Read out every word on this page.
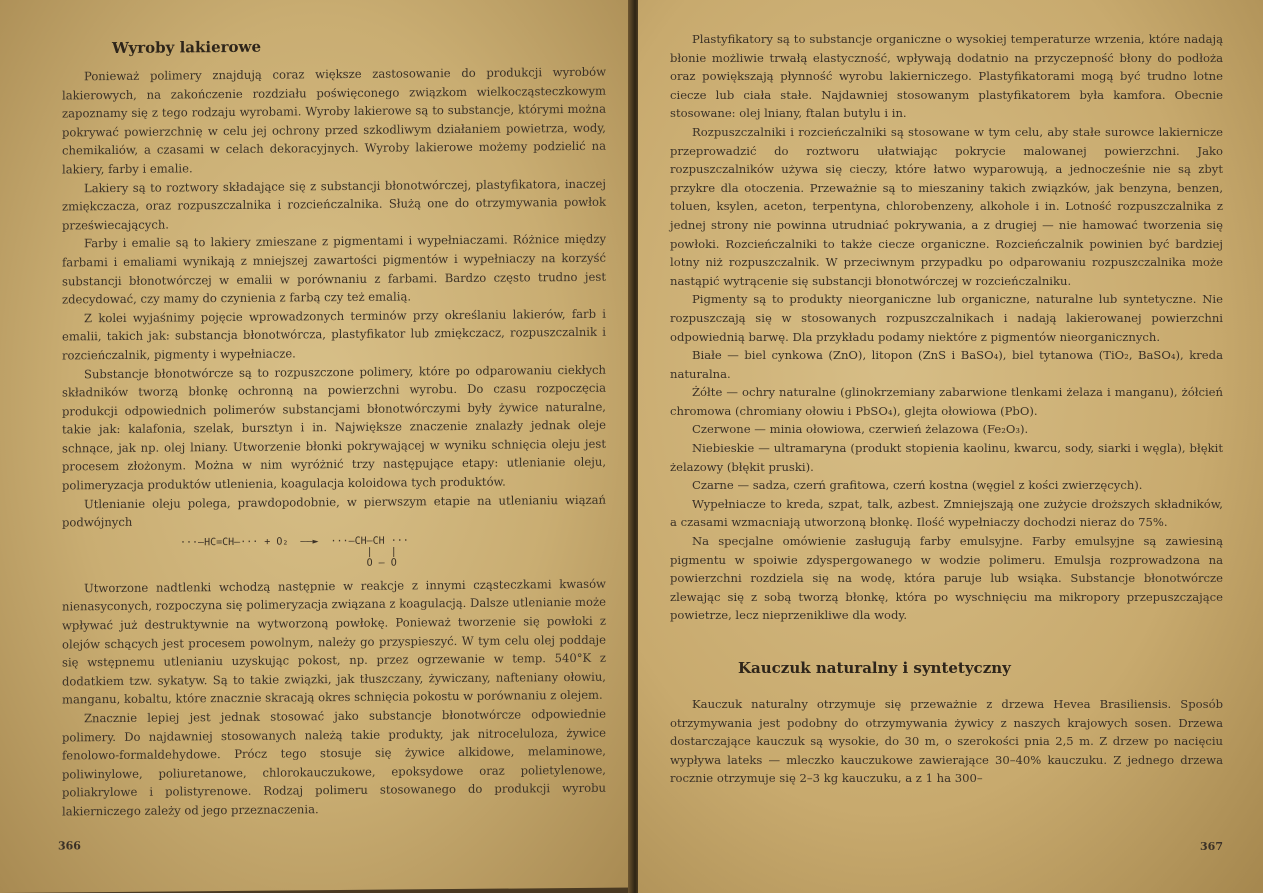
Wyroby lakierowe

Ponieważ polimery znajdują coraz większe zastosowanie do produkcji wyrobów lakierowych, na zakończenie rozdziału poświęconego związkom wielkocząsteczkowym zapoznamy się z tego rodzaju wyrobami. Wyroby lakierowe są to substancje, którymi można pokrywać powierzchnię w celu jej ochrony przed szkodliwym działaniem powietrza, wody, chemikaliów, a czasami w celach dekoracyjnych. Wyroby lakierowe możemy podzielić na lakiery, farby i emalie.

Lakiery są to roztwory składające się z substancji błonotwórczej, plastyfikatora, inaczej zmiękczacza, oraz rozpuszczalnika i rozcieńczalnika. Służą one do otrzymywania powłok przeświecających.

Farby i emalie są to lakiery zmieszane z pigmentami i wypełniaczami. Różnice między farbami i emaliami wynikają z mniejszej zawartości pigmentów i wypełniaczy na korzyść substancji błonotwórczej w emalii w porównaniu z farbami. Bardzo często trudno jest zdecydować, czy mamy do czynienia z farbą czy też emalią.

Z kolei wyjaśnimy pojęcie wprowadzonych terminów przy określaniu lakierów, farb i emalii, takich jak: substancja błonotwórcza, plastyfikator lub zmiękczacz, rozpuszczalnik i rozcieńczalnik, pigmenty i wypełniacze.

Substancje błonotwórcze są to rozpuszczone polimery, które po odparowaniu ciekłych składników tworzą błonkę ochronną na powierzchni wyrobu. Do czasu rozpoczęcia produkcji odpowiednich polimerów substancjami błonotwórczymi były żywice naturalne, takie jak: kalafonia, szelak, bursztyn i in. Największe znaczenie znalazły jednak oleje schnące, jak np. olej lniany. Utworzenie błonki pokrywającej w wyniku schnięcia oleju jest procesem złożonym. Można w nim wyróżnić trzy następujące etapy: utlenianie oleju, polimeryzacja produktów utlenienia, koagulacja koloidowa tych produktów.

Utlenianie oleju polega, prawdopodobnie, w pierwszym etapie na utlenianiu wiązań podwójnych

···—HC=CH—··· + O₂  ——►  ···—CH—CH ···
|   |
O — O

Utworzone nadtlenki wchodzą następnie w reakcje z innymi cząsteczkami kwasów nienasyconych, rozpoczyna się polimeryzacja związana z koagulacją. Dalsze utlenianie może wpływać już destruktywnie na wytworzoną powłokę. Ponieważ tworzenie się powłoki z olejów schących jest procesem powolnym, należy go przyspieszyć. W tym celu olej poddaje się wstępnemu utlenianiu uzyskując pokost, np. przez ogrzewanie w temp. 540°K z dodatkiem tzw. sykatyw. Są to takie związki, jak tłuszczany, żywiczany, nafteniany ołowiu, manganu, kobaltu, które znacznie skracają okres schnięcia pokostu w porównaniu z olejem.

Znacznie lepiej jest jednak stosować jako substancje błonotwórcze odpowiednie polimery. Do najdawniej stosowanych należą takie produkty, jak nitroceluloza, żywice fenolowo-formaldehydowe. Prócz tego stosuje się żywice alkidowe, melaminowe, poliwinylowe, poliuretanowe, chlorokauczukowe, epoksydowe oraz polietylenowe, poliakrylowe i polistyrenowe. Rodzaj polimeru stosowanego do produkcji wyrobu lakierniczego zależy od jego przeznaczenia.

366

Plastyfikatory są to substancje organiczne o wysokiej temperaturze wrzenia, które nadają błonie możliwie trwałą elastyczność, wpływają dodatnio na przyczepność błony do podłoża oraz powiększają płynność wyrobu lakierniczego. Plastyfikatorami mogą być trudno lotne ciecze lub ciała stałe. Najdawniej stosowanym plastyfikatorem była kamfora. Obecnie stosowane: olej lniany, ftalan butylu i in.

Rozpuszczalniki i rozcieńczalniki są stosowane w tym celu, aby stałe surowce lakiernicze przeprowadzić do roztworu ułatwiając pokrycie malowanej powierzchni. Jako rozpuszczalników używa się cieczy, które łatwo wyparowują, a jednocześnie nie są zbyt przykre dla otoczenia. Przeważnie są to mieszaniny takich związków, jak benzyna, benzen, toluen, ksylen, aceton, terpentyna, chlorobenzeny, alkohole i in. Lotność rozpuszczalnika z jednej strony nie powinna utrudniać pokrywania, a z drugiej — nie hamować tworzenia się powłoki. Rozcieńczalniki to także ciecze organiczne. Rozcieńczalnik powinien być bardziej lotny niż rozpuszczalnik. W przeciwnym przypadku po odparowaniu rozpuszczalnika może nastąpić wytrącenie się substancji błonotwórczej w rozcieńczalniku.

Pigmenty są to produkty nieorganiczne lub organiczne, naturalne lub syntetyczne. Nie rozpuszczają się w stosowanych rozpuszczalnikach i nadają lakierowanej powierzchni odpowiednią barwę. Dla przykładu podamy niektóre z pigmentów nieorganicznych.

Białe — biel cynkowa (ZnO), litopon (ZnS i BaSO₄), biel tytanowa (TiO₂, BaSO₄), kreda naturalna.

Żółte — ochry naturalne (glinokrzemiany zabarwione tlenkami żelaza i manganu), żółcień chromowa (chromiany ołowiu i PbSO₄), glejta ołowiowa (PbO).

Czerwone — minia ołowiowa, czerwień żelazowa (Fe₂O₃).

Niebieskie — ultramaryna (produkt stopienia kaolinu, kwarcu, sody, siarki i węgla), błękit żelazowy (błękit pruski).

Czarne — sadza, czerń grafitowa, czerń kostna (węgiel z kości zwierzęcych).

Wypełniacze to kreda, szpat, talk, azbest. Zmniejszają one zużycie droższych składników, a czasami wzmacniają utworzoną błonkę. Ilość wypełniaczy dochodzi nieraz do 75%.

Na specjalne omówienie zasługują farby emulsyjne. Farby emulsyjne są zawiesiną pigmentu w spoiwie zdyspergowanego w wodzie polimeru. Emulsja rozprowadzona na powierzchni rozdziela się na wodę, która paruje lub wsiąka. Substancje błonotwórcze zlewając się z sobą tworzą błonkę, która po wyschnięciu ma mikropory przepuszczające powietrze, lecz nieprzenikliwe dla wody.

Kauczuk naturalny i syntetyczny

Kauczuk naturalny otrzymuje się przeważnie z drzewa Hevea Brasiliensis. Sposób otrzymywania jest podobny do otrzymywania żywicy z naszych krajowych sosen. Drzewa dostarczające kauczuk są wysokie, do 30 m, o szerokości pnia 2,5 m. Z drzew po nacięciu wypływa lateks — mleczko kauczukowe zawierające 30–40% kauczuku. Z jednego drzewa rocznie otrzymuje się 2–3 kg kauczuku, a z 1 ha 300–

367
